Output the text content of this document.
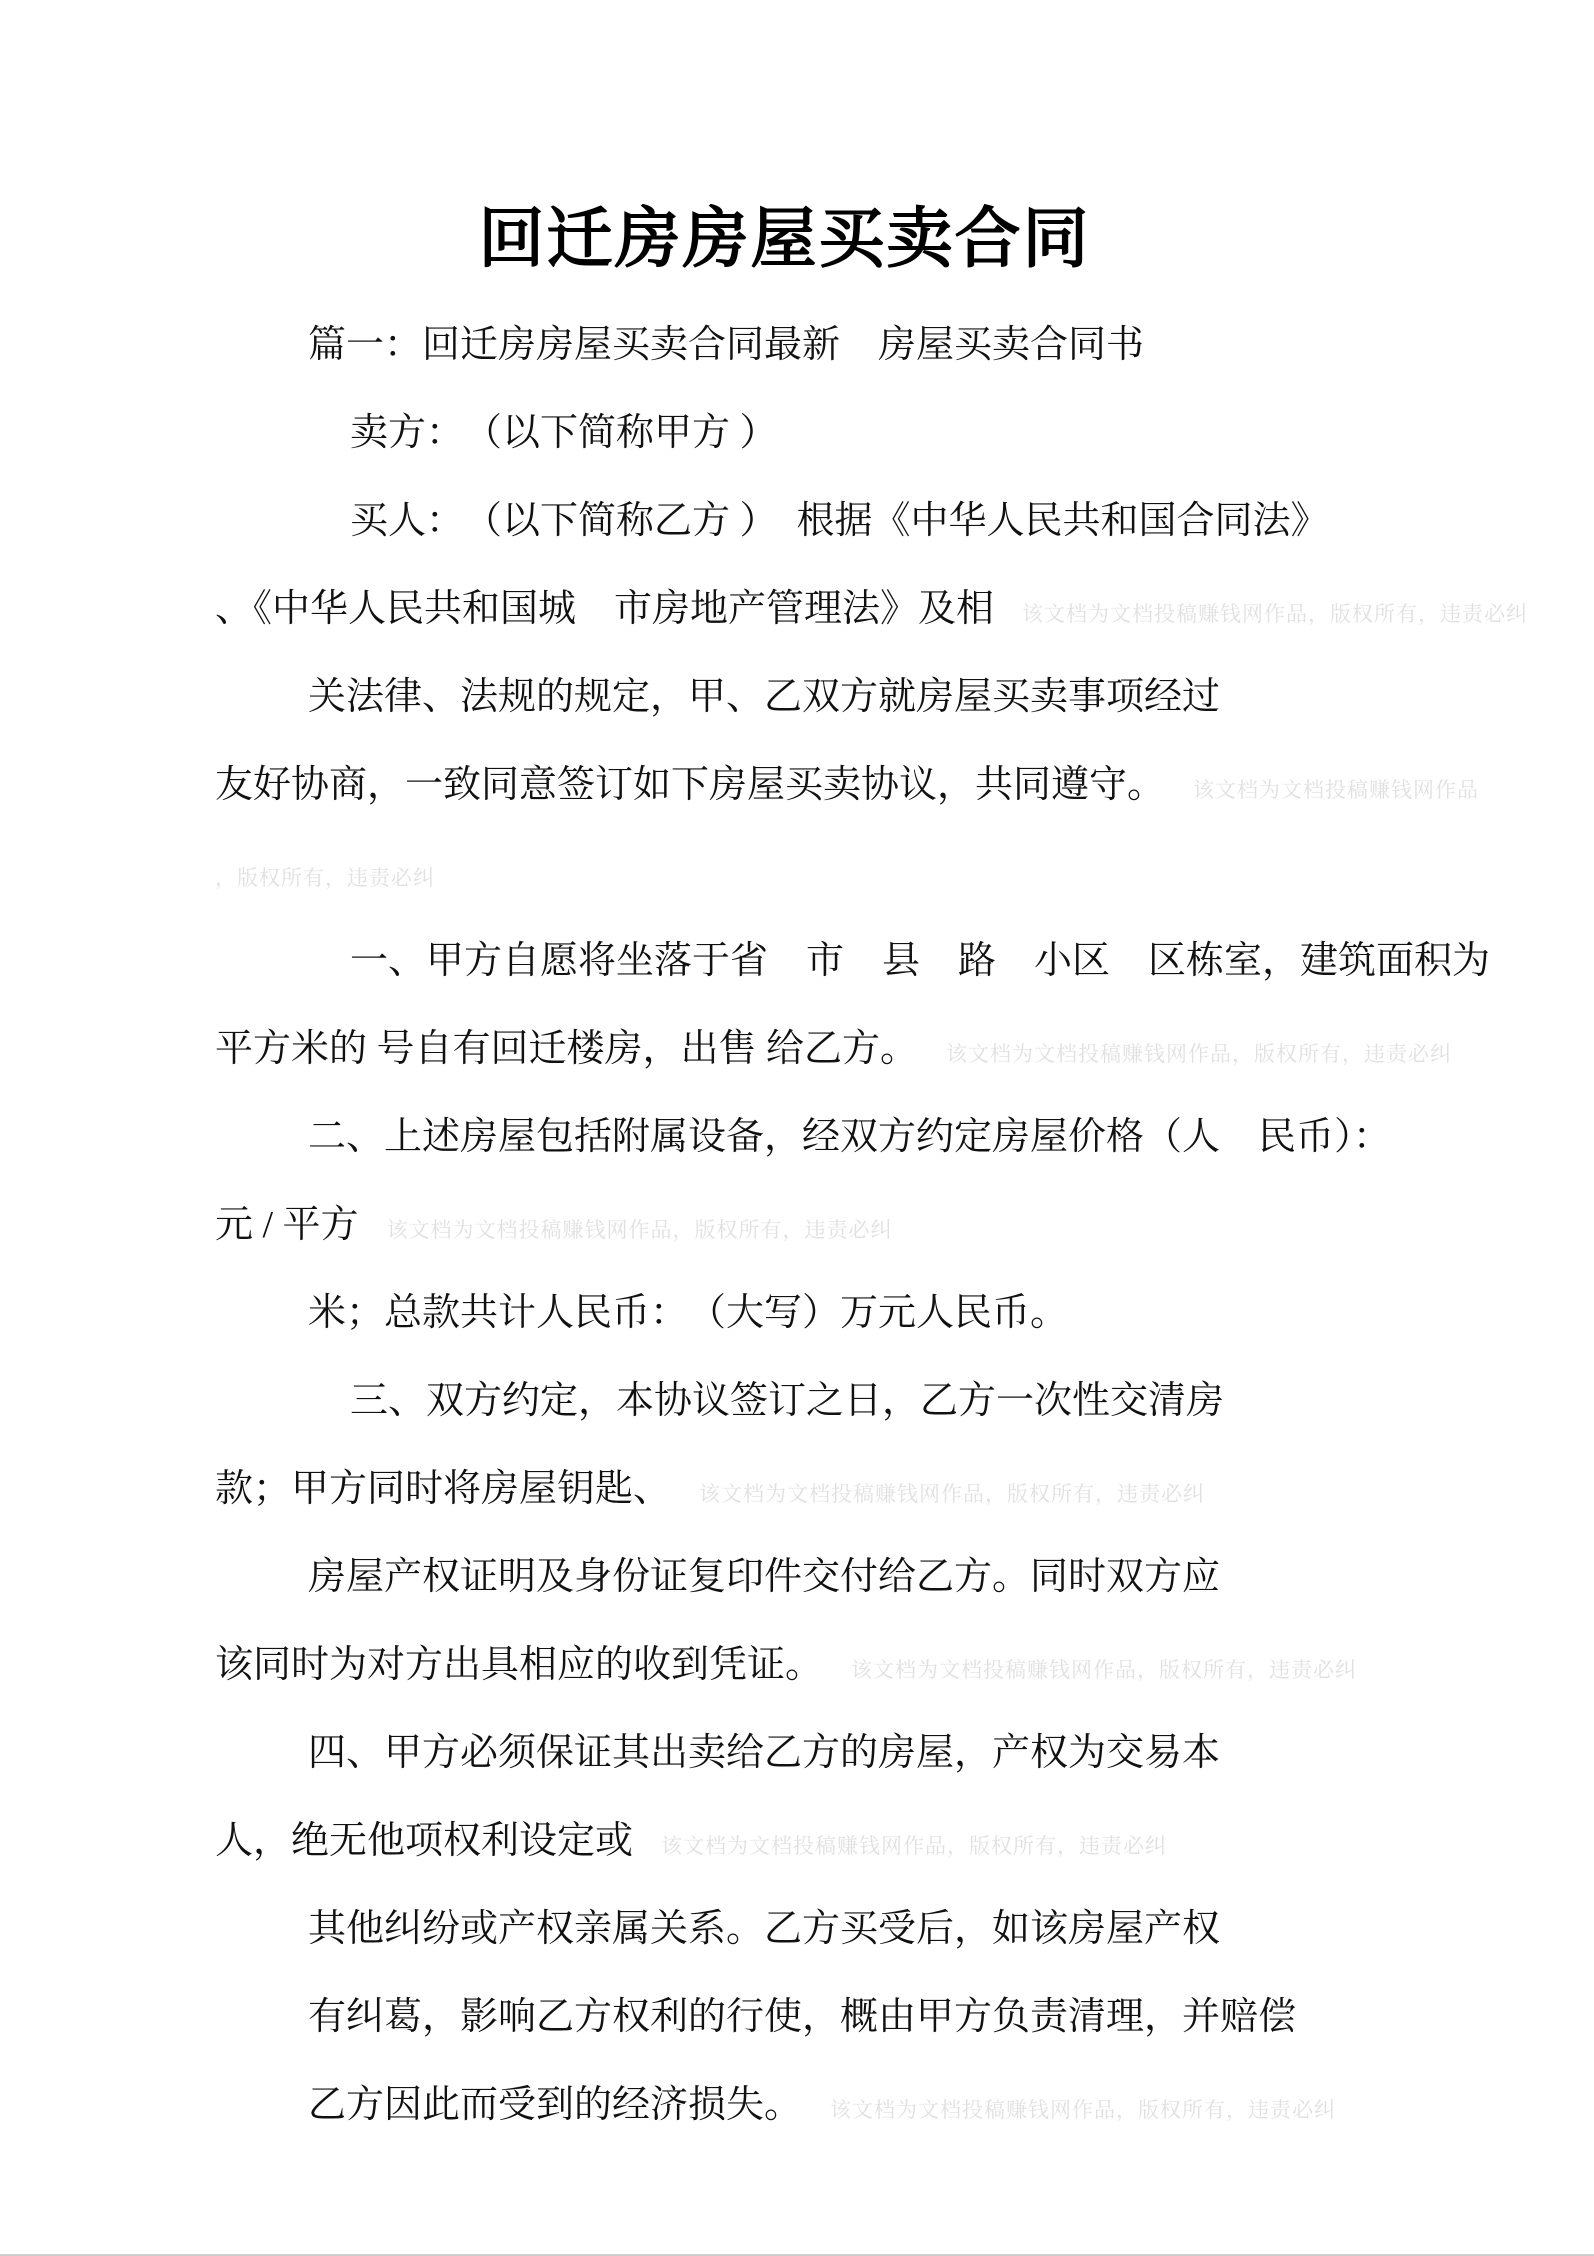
回迁房房屋买卖合同

篇一：回迁房房屋买卖合同最新　房屋买卖合同书

卖方：　（以下简称甲方 ）

买人：　（以下简称乙方 ）　根据《中华人民共和国合同法》

、《中华人民共和国城　市房地产管理法》及相 该文档为文档投稿赚钱网作品，版权所有，违责必纠

关法律、法规的规定，甲、乙双方就房屋买卖事项经过

友好协商，一致同意签订如下房屋买卖协议，共同遵守。 该文档为文档投稿赚钱网作品

，版权所有，违责必纠

一、甲方自愿将坐落于省　市　县　路　小区　区栋室，建筑面积为

平方米的 号自有回迁楼房，出售 给乙方。 该文档为文档投稿赚钱网作品，版权所有，违责必纠

二、上述房屋包括附属设备，经双方约定房屋价格（人　民币）：

元 / 平方 该文档为文档投稿赚钱网作品，版权所有，违责必纠

米；总款共计人民币：　（大写）万元人民币。

三、双方约定，本协议签订之日，乙方一次性交清房

款；甲方同时将房屋钥匙、 该文档为文档投稿赚钱网作品，版权所有，违责必纠

房屋产权证明及身份证复印件交付给乙方。同时双方应

该同时为对方出具相应的收到凭证。 该文档为文档投稿赚钱网作品，版权所有，违责必纠

四、甲方必须保证其出卖给乙方的房屋，产权为交易本

人，绝无他项权利设定或 该文档为文档投稿赚钱网作品，版权所有，违责必纠

其他纠纷或产权亲属关系。乙方买受后，如该房屋产权

有纠葛，影响乙方权利的行使，概由甲方负责清理，并赔偿

乙方因此而受到的经济损失。 该文档为文档投稿赚钱网作品，版权所有，违责必纠
